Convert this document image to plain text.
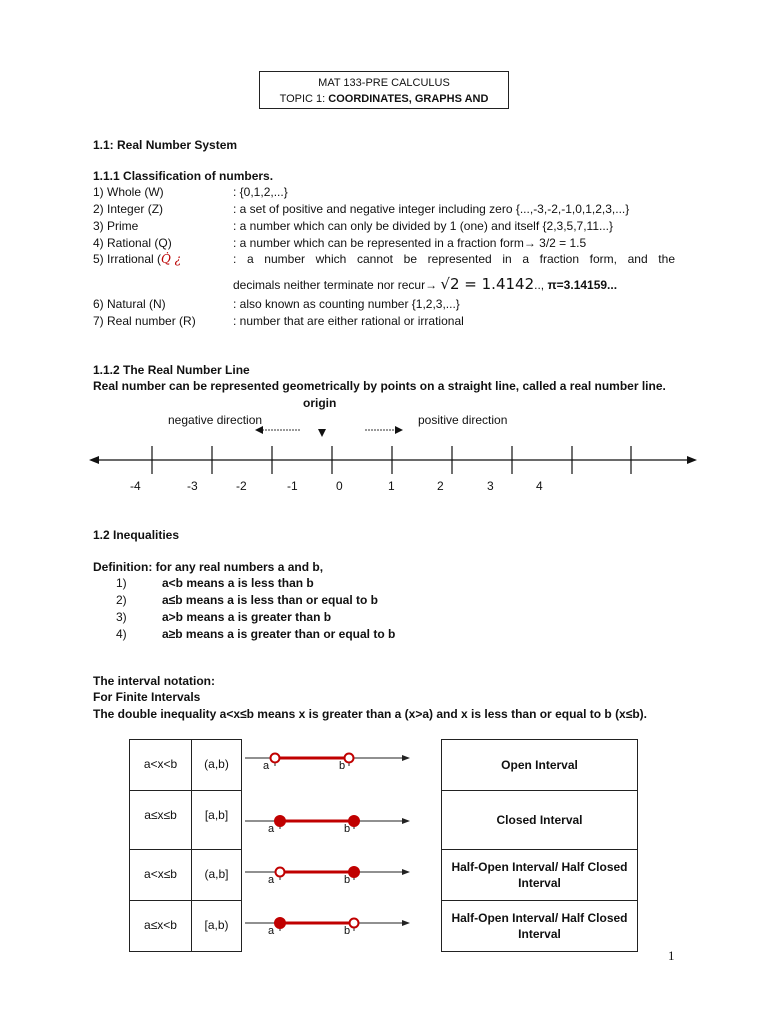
MAT 133-PRE CALCULUS
TOPIC 1: COORDINATES, GRAPHS AND
1.1: Real Number System
1.1.1 Classification of numbers.
1) Whole (W)	: {0,1,2,...}
2) Integer (Z)	: a set of positive and negative integer including zero {...,-3,-2,-1,0,1,2,3,...}
3) Prime	: a number which can only be divided by 1 (one) and itself {2,3,5,7,11...}
4) Rational (Q)	: a number which can be represented in a fraction form→ 3/2 = 1.5
5) Irrational (Q̇ ¿	: a number which cannot be represented in a fraction form, and the
decimals neither terminate nor recur→ √2 = 1.4142.., π=3.14159...
6) Natural (N)	: also known as counting number {1,2,3,...}
7) Real number (R)	: number that are either rational or irrational
1.1.2 The Real Number Line
Real number can be represented geometrically by points on a straight line, called a real number line.
origin
negative direction	positive direction
-4	-3	-2	-1	0	1	2	3	4
1.2 Inequalities
Definition: for any real numbers a and b,
1)	a<b means a is less than b
2)	a≤b means a is less than or equal to b
3)	a>b means a is greater than b
4)	a≥b means a is greater than or equal to b
The interval notation:
For Finite Intervals
The double inequality a<x≤b means x is greater than a (x>a) and x is less than or equal to b (x≤b).
a<x<b	(a,b)	a b	Open Interval

a≤x≤b	[a,b]	a b	Closed Interval

a<x≤b	(a,b]	a b	Half-Open Interval/ Half Closed Interval

a≤x<b	[a,b)	a b	Half-Open Interval/ Half Closed Interval
1
